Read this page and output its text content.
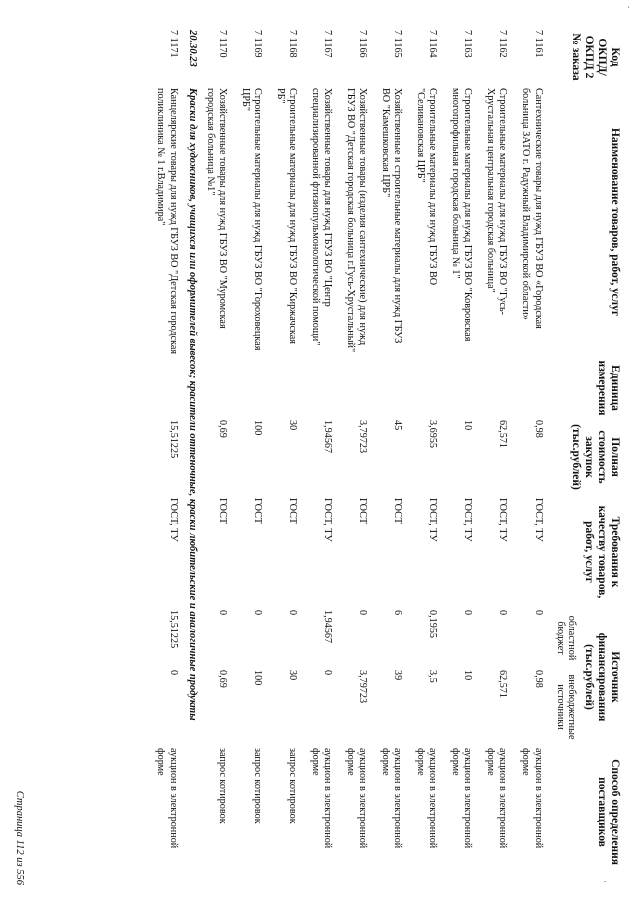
.
·
Код ОКПД/ ОКПД 2 № заказа	Наименование товаров, работ, услуг	Единица измерения	Полная стоимость закупок (тыс.рублей)	Требования к качеству товаров, работ, услуг	Источник финансирования (тыс.рублей)		Способ определения поставщиков
					областной бюджет	внебюджетные источники	
7 1161	Сантехнические товары для нужд ГБУЗ ВО «Городская больница ЗАТО г. Радужный Владимирской области»		0,98	ГОСТ, ТУ	0	0,98	аукцион в электронной форме
7 1162	Строительные материалы для нужд ГБУЗ ВО "Гусь-Хрустальная центральная городская больница"		62,571	ГОСТ, ТУ	0	62,571	аукцион в электронной форме
7 1163	Строительные материалы для нужд ГБУЗ ВО "Ковровская многопрофильная городская больница № 1"		10	ГОСТ, ТУ	0	10	аукцион в электронной форме
7 1164	Строительные материалы для нужд ГБУЗ ВО "Селивановская ЦРБ"		3,6955	ГОСТ, ТУ	0,1955	3,5	аукцион в электронной форме
7 1165	Хозяйственные и строительные материалы для нужд ГБУЗ ВО "Камешковская ЦРБ"		45	ГОСТ	6	39	аукцион в электронной форме
7 1166	Хозяйственные товары (изделия сантехнические) для нужд ГБУЗ ВО "Детская городская больница г.Гусь-Хрустальный"		3,79723	ГОСТ	0	3,79723	аукцион в электронной форме
7 1167	Хозяйственные товары для нужд ГБУЗ ВО "Центр специализированной фтизиопульмонологической помощи"		1,94567	ГОСТ, ТУ	1,94567	0	аукцион в электронной форме
7 1168	Строительные материалы для нужд ГБУЗ ВО "Киржачская РБ"		30	ГОСТ	0	30	запрос котировок
7 1169	Строительные материалы для нужд ГБУЗ ВО "Гороховецкая ЦРБ"		100	ГОСТ	0	100	запрос котировок
7 1170	Хозяйственные товары для нужд ГБУЗ ВО "Муромская городская больница №1"		0,69	ГОСТ	0	0,69	запрос котировок
20.30.23	Краски для художников, учащихся или оформителей вывесок; красители оттеночные, краски любительские и аналогичные продукты						
7 1171	Канцелярские товары для нужд ГБУЗ ВО "Детская городская поликлиника № 1 г.Владимира"		15,51225	ГОСТ, ТУ	15,51225	0	аукцион в электронной форме
Страница 112 из 556
